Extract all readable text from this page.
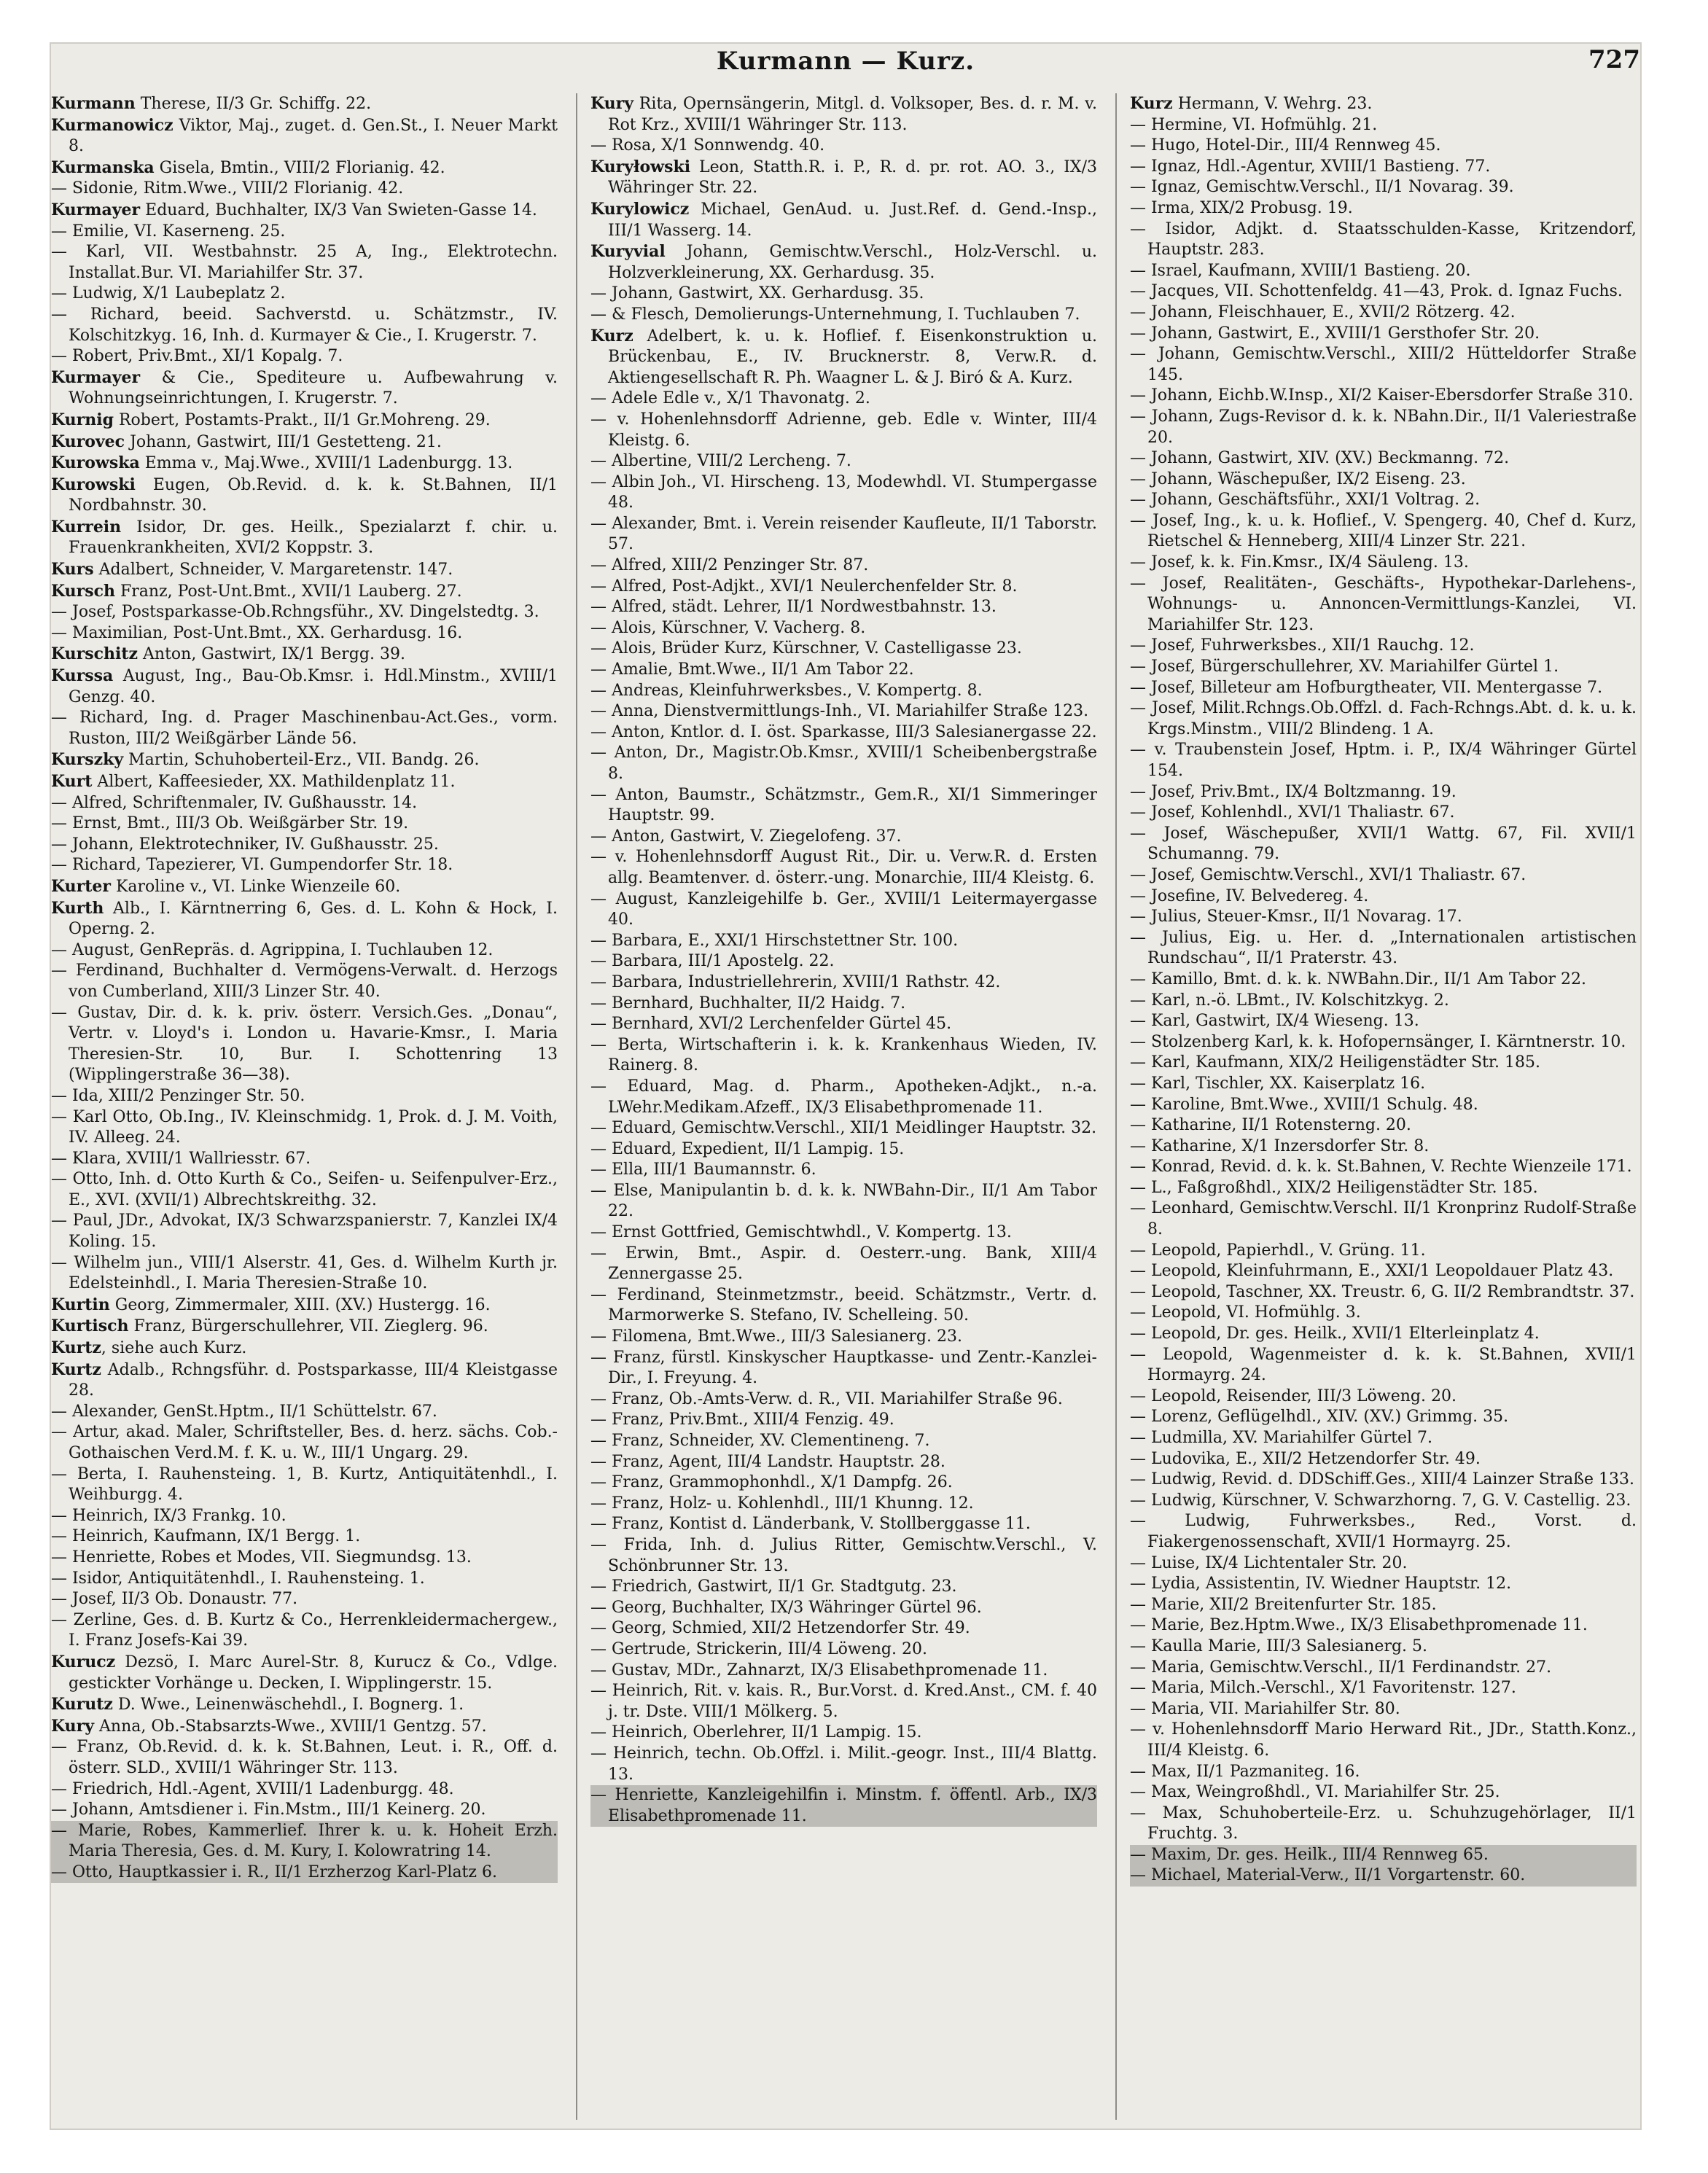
Kurmann — Kurz.	727

Kurmann Therese, II/3 Gr. Schiffg. 22.

Kurmanowicz Viktor, Maj., zuget. d. Gen.St., I. Neuer Markt 8.

Kurmanska Gisela, Bmtin., VIII/2 Florianig. 42.

— Sidonie, Ritm.Wwe., VIII/2 Florianig. 42.

Kurmayer Eduard, Buchhalter, IX/3 Van Swieten-Gasse 14.

— Emilie, VI. Kaserneng. 25.

— Karl, VII. Westbahnstr. 25 A, Ing., Elektrotechn. Installat.Bur. VI. Mariahilfer Str. 37.

— Ludwig, X/1 Laubeplatz 2.

— Richard, beeid. Sachverstd. u. Schätzmstr., IV. Kolschitzkyg. 16, Inh. d. Kurmayer & Cie., I. Krugerstr. 7.

— Robert, Priv.Bmt., XI/1 Kopalg. 7.

Kurmayer & Cie., Spediteure u. Aufbewahrung v. Wohnungseinrichtungen, I. Krugerstr. 7.

Kurnig Robert, Postamts-Prakt., II/1 Gr.Mohreng. 29.

Kurovec Johann, Gastwirt, III/1 Gestetteng. 21.

Kurowska Emma v., Maj.Wwe., XVIII/1 Ladenburgg. 13.

Kurowski Eugen, Ob.Revid. d. k. k. St.Bahnen, II/1 Nordbahnstr. 30.

Kurrein Isidor, Dr. ges. Heilk., Spezialarzt f. chir. u. Frauenkrankheiten, XVI/2 Koppstr. 3.

Kurs Adalbert, Schneider, V. Margaretenstr. 147.

Kursch Franz, Post-Unt.Bmt., XVII/1 Lauberg. 27.

— Josef, Postsparkasse-Ob.Rchngsführ., XV. Dingelstedtg. 3.

— Maximilian, Post-Unt.Bmt., XX. Gerhardusg. 16.

Kurschitz Anton, Gastwirt, IX/1 Bergg. 39.

Kurssa August, Ing., Bau-Ob.Kmsr. i. Hdl.Minstm., XVIII/1 Genzg. 40.

— Richard, Ing. d. Prager Maschinenbau-Act.Ges., vorm. Ruston, III/2 Weißgärber Lände 56.

Kurszky Martin, Schuhoberteil-Erz., VII. Bandg. 26.

Kurt Albert, Kaffeesieder, XX. Mathildenplatz 11.

— Alfred, Schriftenmaler, IV. Gußhausstr. 14.

— Ernst, Bmt., III/3 Ob. Weißgärber Str. 19.

— Johann, Elektrotechniker, IV. Gußhausstr. 25.

— Richard, Tapezierer, VI. Gumpendorfer Str. 18.

Kurter Karoline v., VI. Linke Wienzeile 60.

Kurth Alb., I. Kärntnerring 6, Ges. d. L. Kohn & Hock, I. Operng. 2.

— August, GenRepräs. d. Agrippina, I. Tuchlauben 12.

— Ferdinand, Buchhalter d. Vermögens-Verwalt. d. Herzogs von Cumberland, XIII/3 Linzer Str. 40.

— Gustav, Dir. d. k. k. priv. österr. Versich.Ges. „Donau“, Vertr. v. Lloyd's i. London u. Havarie-Kmsr., I. Maria Theresien-Str. 10, Bur. I. Schottenring 13 (Wipplingerstraße 36—38).

— Ida, XIII/2 Penzinger Str. 50.

— Karl Otto, Ob.Ing., IV. Kleinschmidg. 1, Prok. d. J. M. Voith, IV. Alleeg. 24.

— Klara, XVIII/1 Wallriesstr. 67.

— Otto, Inh. d. Otto Kurth & Co., Seifen- u. Seifenpulver-Erz., E., XVI. (XVII/1) Albrechtskreithg. 32.

— Paul, JDr., Advokat, IX/3 Schwarzspanierstr. 7, Kanzlei IX/4 Koling. 15.

— Wilhelm jun., VIII/1 Alserstr. 41, Ges. d. Wilhelm Kurth jr. Edelsteinhdl., I. Maria Theresien-Straße 10.

Kurtin Georg, Zimmermaler, XIII. (XV.) Hustergg. 16.

Kurtisch Franz, Bürgerschullehrer, VII. Zieglerg. 96.

Kurtz, siehe auch Kurz.

Kurtz Adalb., Rchngsführ. d. Postsparkasse, III/4 Kleistgasse 28.

— Alexander, GenSt.Hptm., II/1 Schüttelstr. 67.

— Artur, akad. Maler, Schriftsteller, Bes. d. herz. sächs. Cob.-Gothaischen Verd.M. f. K. u. W., III/1 Ungarg. 29.

— Berta, I. Rauhensteing. 1, B. Kurtz, Antiquitätenhdl., I. Weihburgg. 4.

— Heinrich, IX/3 Frankg. 10.

— Heinrich, Kaufmann, IX/1 Bergg. 1.

— Henriette, Robes et Modes, VII. Siegmundsg. 13.

— Isidor, Antiquitätenhdl., I. Rauhensteing. 1.

— Josef, II/3 Ob. Donaustr. 77.

— Zerline, Ges. d. B. Kurtz & Co., Herrenkleidermachergew., I. Franz Josefs-Kai 39.

Kurucz Dezsö, I. Marc Aurel-Str. 8, Kurucz & Co., Vdlge. gestickter Vorhänge u. Decken, I. Wipplingerstr. 15.

Kurutz D. Wwe., Leinenwäschehdl., I. Bognerg. 1.

Kury Anna, Ob.-Stabsarzts-Wwe., XVIII/1 Gentzg. 57.

— Franz, Ob.Revid. d. k. k. St.Bahnen, Leut. i. R., Off. d. österr. SLD., XVIII/1 Währinger Str. 113.

— Friedrich, Hdl.-Agent, XVIII/1 Ladenburgg. 48.

— Johann, Amtsdiener i. Fin.Mstm., III/1 Keinerg. 20.

— Marie, Robes, Kammerlief. Ihrer k. u. k. Hoheit Erzh. Maria Theresia, Ges. d. M. Kury, I. Kolowratring 14.

— Otto, Hauptkassier i. R., II/1 Erzherzog Karl-Platz 6.

Kury Rita, Opernsängerin, Mitgl. d. Volksoper, Bes. d. r. M. v. Rot Krz., XVIII/1 Währinger Str. 113.

— Rosa, X/1 Sonnwendg. 40.

Kuryłowski Leon, Statth.R. i. P., R. d. pr. rot. AO. 3., IX/3 Währinger Str. 22.

Kurylowicz Michael, GenAud. u. Just.Ref. d. Gend.-Insp., III/1 Wasserg. 14.

Kuryvial Johann, Gemischtw.Verschl., Holz-Verschl. u. Holzverkleinerung, XX. Gerhardusg. 35.

— Johann, Gastwirt, XX. Gerhardusg. 35.

— & Flesch, Demolierungs-Unternehmung, I. Tuchlauben 7.

Kurz Adelbert, k. u. k. Hoflief. f. Eisenkonstruktion u. Brückenbau, E., IV. Brucknerstr. 8, Verw.R. d. Aktiengesellschaft R. Ph. Waagner L. & J. Biró & A. Kurz.

— Adele Edle v., X/1 Thavonatg. 2.

— v. Hohenlehnsdorff Adrienne, geb. Edle v. Winter, III/4 Kleistg. 6.

— Albertine, VIII/2 Lercheng. 7.

— Albin Joh., VI. Hirscheng. 13, Modewhdl. VI. Stumpergasse 48.

— Alexander, Bmt. i. Verein reisender Kaufleute, II/1 Taborstr. 57.

— Alfred, XIII/2 Penzinger Str. 87.

— Alfred, Post-Adjkt., XVI/1 Neulerchenfelder Str. 8.

— Alfred, städt. Lehrer, II/1 Nordwestbahnstr. 13.

— Alois, Kürschner, V. Vacherg. 8.

— Alois, Brüder Kurz, Kürschner, V. Castelligasse 23.

— Amalie, Bmt.Wwe., II/1 Am Tabor 22.

— Andreas, Kleinfuhrwerksbes., V. Kompertg. 8.

— Anna, Dienstvermittlungs-Inh., VI. Mariahilfer Straße 123.

— Anton, Kntlor. d. I. öst. Sparkasse, III/3 Salesianergasse 22.

— Anton, Dr., Magistr.Ob.Kmsr., XVIII/1 Scheibenbergstraße 8.

— Anton, Baumstr., Schätzmstr., Gem.R., XI/1 Simmeringer Hauptstr. 99.

— Anton, Gastwirt, V. Ziegelofeng. 37.

— v. Hohenlehnsdorff August Rit., Dir. u. Verw.R. d. Ersten allg. Beamtenver. d. österr.-ung. Monarchie, III/4 Kleistg. 6.

— August, Kanzleigehilfe b. Ger., XVIII/1 Leitermayergasse 40.

— Barbara, E., XXI/1 Hirschstettner Str. 100.

— Barbara, III/1 Apostelg. 22.

— Barbara, Industriellehrerin, XVIII/1 Rathstr. 42.

— Bernhard, Buchhalter, II/2 Haidg. 7.

— Bernhard, XVI/2 Lerchenfelder Gürtel 45.

— Berta, Wirtschafterin i. k. k. Krankenhaus Wieden, IV. Rainerg. 8.

— Eduard, Mag. d. Pharm., Apotheken-Adjkt., n.-a. LWehr.Medikam.Afzeff., IX/3 Elisabethpromenade 11.

— Eduard, Gemischtw.Verschl., XII/1 Meidlinger Hauptstr. 32.

— Eduard, Expedient, II/1 Lampig. 15.

— Ella, III/1 Baumannstr. 6.

— Else, Manipulantin b. d. k. k. NWBahn-Dir., II/1 Am Tabor 22.

— Ernst Gottfried, Gemischtwhdl., V. Kompertg. 13.

— Erwin, Bmt., Aspir. d. Oesterr.-ung. Bank, XIII/4 Zennergasse 25.

— Ferdinand, Steinmetzmstr., beeid. Schätzmstr., Vertr. d. Marmorwerke S. Stefano, IV. Schelleing. 50.

— Filomena, Bmt.Wwe., III/3 Salesianerg. 23.

— Franz, fürstl. Kinskyscher Hauptkasse- und Zentr.-Kanzlei-Dir., I. Freyung. 4.

— Franz, Ob.-Amts-Verw. d. R., VII. Mariahilfer Straße 96.

— Franz, Priv.Bmt., XIII/4 Fenzig. 49.

— Franz, Schneider, XV. Clementineng. 7.

— Franz, Agent, III/4 Landstr. Hauptstr. 28.

— Franz, Grammophonhdl., X/1 Dampfg. 26.

— Franz, Holz- u. Kohlenhdl., III/1 Khunng. 12.

— Franz, Kontist d. Länderbank, V. Stollberggasse 11.

— Frida, Inh. d. Julius Ritter, Gemischtw.Verschl., V. Schönbrunner Str. 13.

— Friedrich, Gastwirt, II/1 Gr. Stadtgutg. 23.

— Georg, Buchhalter, IX/3 Währinger Gürtel 96.

— Georg, Schmied, XII/2 Hetzendorfer Str. 49.

— Gertrude, Strickerin, III/4 Löweng. 20.

— Gustav, MDr., Zahnarzt, IX/3 Elisabethpromenade 11.

— Heinrich, Rit. v. kais. R., Bur.Vorst. d. Kred.Anst., CM. f. 40 j. tr. Dste. VIII/1 Mölkerg. 5.

— Heinrich, Oberlehrer, II/1 Lampig. 15.

— Heinrich, techn. Ob.Offzl. i. Milit.-geogr. Inst., III/4 Blattg. 13.

— Henriette, Kanzleigehilfin i. Minstm. f. öffentl. Arb., IX/3 Elisabethpromenade 11.

Kurz Hermann, V. Wehrg. 23.

— Hermine, VI. Hofmühlg. 21.

— Hugo, Hotel-Dir., III/4 Rennweg 45.

— Ignaz, Hdl.-Agentur, XVIII/1 Bastieng. 77.

— Ignaz, Gemischtw.Verschl., II/1 Novarag. 39.

— Irma, XIX/2 Probusg. 19.

— Isidor, Adjkt. d. Staatsschulden-Kasse, Kritzendorf, Hauptstr. 283.

— Israel, Kaufmann, XVIII/1 Bastieng. 20.

— Jacques, VII. Schottenfeldg. 41—43, Prok. d. Ignaz Fuchs.

— Johann, Fleischhauer, E., XVII/2 Rötzerg. 42.

— Johann, Gastwirt, E., XVIII/1 Gersthofer Str. 20.

— Johann, Gemischtw.Verschl., XIII/2 Hütteldorfer Straße 145.

— Johann, Eichb.W.Insp., XI/2 Kaiser-Ebersdorfer Straße 310.

— Johann, Zugs-Revisor d. k. k. NBahn.Dir., II/1 Valeriestraße 20.

— Johann, Gastwirt, XIV. (XV.) Beckmanng. 72.

— Johann, Wäschepußer, IX/2 Eiseng. 23.

— Johann, Geschäftsführ., XXI/1 Voltrag. 2.

— Josef, Ing., k. u. k. Hoflief., V. Spengerg. 40, Chef d. Kurz, Rietschel & Henneberg, XIII/4 Linzer Str. 221.

— Josef, k. k. Fin.Kmsr., IX/4 Säuleng. 13.

— Josef, Realitäten-, Geschäfts-, Hypothekar-Darlehens-, Wohnungs- u. Annoncen-Vermittlungs-Kanzlei, VI. Mariahilfer Str. 123.

— Josef, Fuhrwerksbes., XII/1 Rauchg. 12.

— Josef, Bürgerschullehrer, XV. Mariahilfer Gürtel 1.

— Josef, Billeteur am Hofburgtheater, VII. Mentergasse 7.

— Josef, Milit.Rchngs.Ob.Offzl. d. Fach-Rchngs.Abt. d. k. u. k. Krgs.Minstm., VIII/2 Blindeng. 1 A.

— v. Traubenstein Josef, Hptm. i. P., IX/4 Währinger Gürtel 154.

— Josef, Priv.Bmt., IX/4 Boltzmanng. 19.

— Josef, Kohlenhdl., XVI/1 Thaliastr. 67.

— Josef, Wäschepußer, XVII/1 Wattg. 67, Fil. XVII/1 Schumanng. 79.

— Josef, Gemischtw.Verschl., XVI/1 Thaliastr. 67.

— Josefine, IV. Belvedereg. 4.

— Julius, Steuer-Kmsr., II/1 Novarag. 17.

— Julius, Eig. u. Her. d. „Internationalen artistischen Rundschau“, II/1 Praterstr. 43.

— Kamillo, Bmt. d. k. k. NWBahn.Dir., II/1 Am Tabor 22.

— Karl, n.-ö. LBmt., IV. Kolschitzkyg. 2.

— Karl, Gastwirt, IX/4 Wieseng. 13.

— Stolzenberg Karl, k. k. Hofopernsänger, I. Kärntnerstr. 10.

— Karl, Kaufmann, XIX/2 Heiligenstädter Str. 185.

— Karl, Tischler, XX. Kaiserplatz 16.

— Karoline, Bmt.Wwe., XVIII/1 Schulg. 48.

— Katharine, II/1 Rotensterng. 20.

— Katharine, X/1 Inzersdorfer Str. 8.

— Konrad, Revid. d. k. k. St.Bahnen, V. Rechte Wienzeile 171.

— L., Faßgroßhdl., XIX/2 Heiligenstädter Str. 185.

— Leonhard, Gemischtw.Verschl. II/1 Kronprinz Rudolf-Straße 8.

— Leopold, Papierhdl., V. Grüng. 11.

— Leopold, Kleinfuhrmann, E., XXI/1 Leopoldauer Platz 43.

— Leopold, Taschner, XX. Treustr. 6, G. II/2 Rembrandtstr. 37.

— Leopold, VI. Hofmühlg. 3.

— Leopold, Dr. ges. Heilk., XVII/1 Elterleinplatz 4.

— Leopold, Wagenmeister d. k. k. St.Bahnen, XVII/1 Hormayrg. 24.

— Leopold, Reisender, III/3 Löweng. 20.

— Lorenz, Geflügelhdl., XIV. (XV.) Grimmg. 35.

— Ludmilla, XV. Mariahilfer Gürtel 7.

— Ludovika, E., XII/2 Hetzendorfer Str. 49.

— Ludwig, Revid. d. DDSchiff.Ges., XIII/4 Lainzer Straße 133.

— Ludwig, Kürschner, V. Schwarzhorng. 7, G. V. Castellig. 23.

— Ludwig, Fuhrwerksbes., Red., Vorst. d. Fiakergenossenschaft, XVII/1 Hormayrg. 25.

— Luise, IX/4 Lichtentaler Str. 20.

— Lydia, Assistentin, IV. Wiedner Hauptstr. 12.

— Marie, XII/2 Breitenfurter Str. 185.

— Marie, Bez.Hptm.Wwe., IX/3 Elisabethpromenade 11.

— Kaulla Marie, III/3 Salesianerg. 5.

— Maria, Gemischtw.Verschl., II/1 Ferdinandstr. 27.

— Maria, Milch.-Verschl., X/1 Favoritenstr. 127.

— Maria, VII. Mariahilfer Str. 80.

— v. Hohenlehnsdorff Mario Herward Rit., JDr., Statth.Konz., III/4 Kleistg. 6.

— Max, II/1 Pazmanitеg. 16.

— Max, Weingroßhdl., VI. Mariahilfer Str. 25.

— Max, Schuhoberteile-Erz. u. Schuhzugehörlager, II/1 Fruchtg. 3.

— Maxim, Dr. ges. Heilk., III/4 Rennweg 65.

— Michael, Material-Verw., II/1 Vorgartenstr. 60.
